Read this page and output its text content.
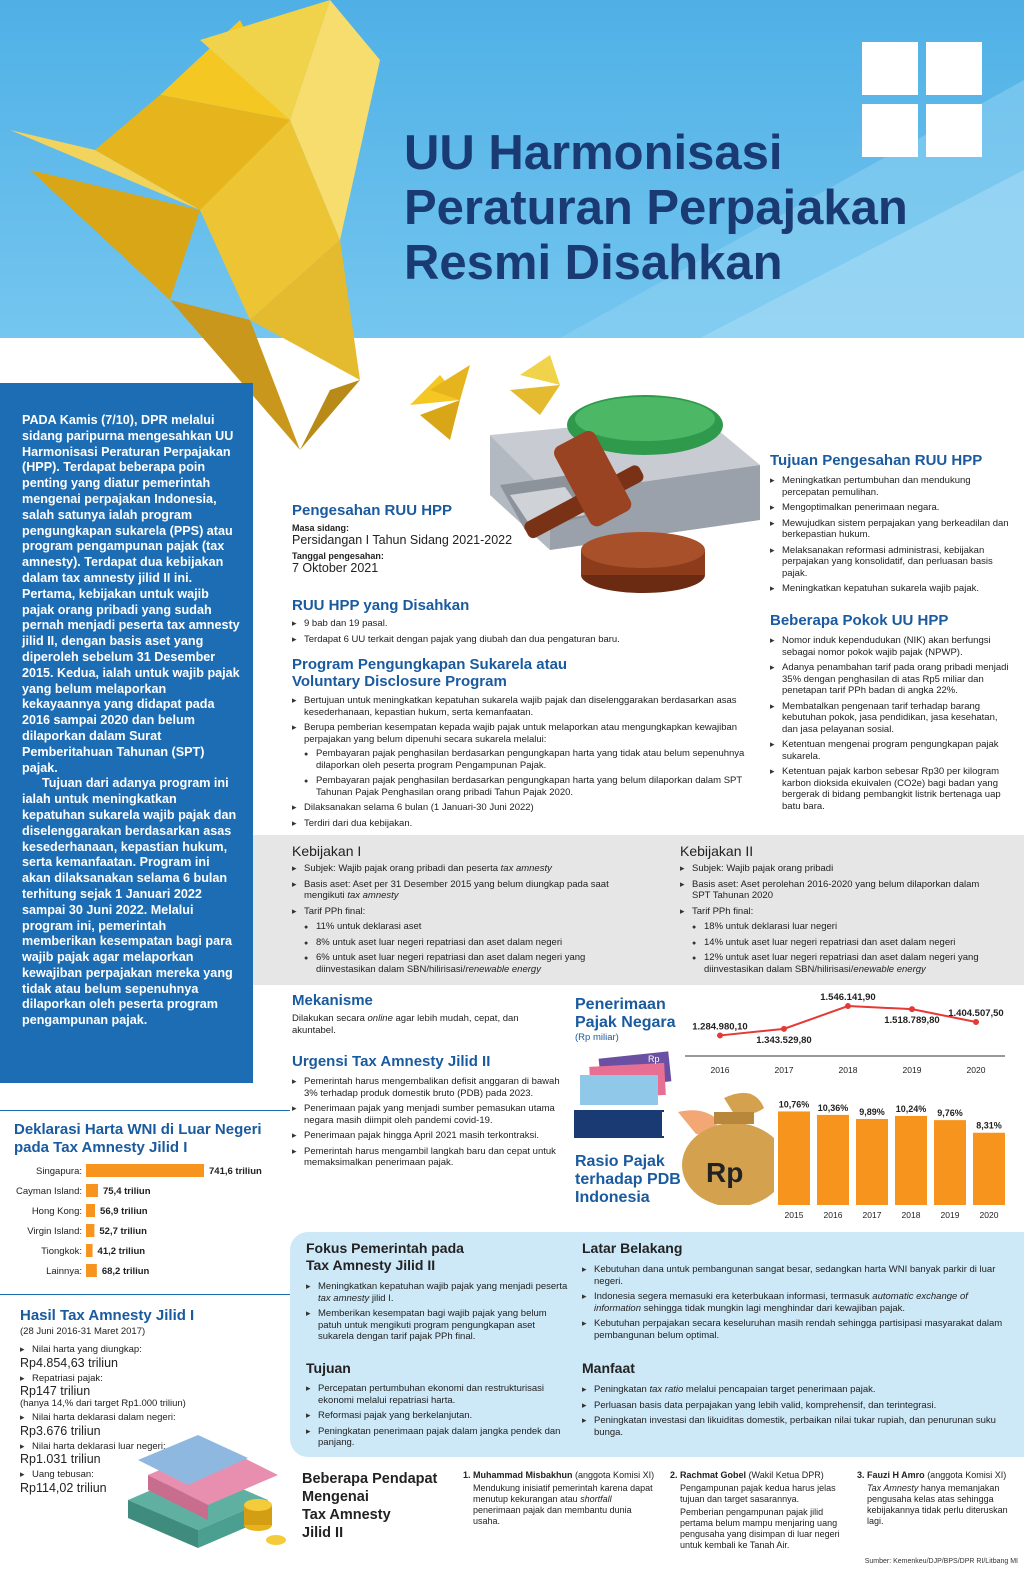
UU Harmonisasi
Peraturan Perpajakan
Resmi Disahkan

PADA Kamis (7/10), DPR melalui sidang paripurna mengesahkan UU Harmonisasi Peraturan Perpajakan (HPP). Terdapat beberapa poin penting yang diatur pemerintah mengenai perpajakan Indonesia, salah satunya ialah program pengungkapan sukarela (PPS) atau program pengampunan pajak (tax amnesty). Terdapat dua kebijakan dalam tax amnesty jilid II ini. Pertama, kebijakan untuk wajib pajak orang pribadi yang sudah pernah menjadi peserta tax amnesty jilid II, dengan basis aset yang diperoleh sebelum 31 Desember 2015. Kedua, ialah untuk wajib pajak yang belum melaporkan kekayaannya yang didapat pada 2016 sampai 2020 dan belum dilaporkan dalam Surat Pemberitahuan Tahunan (SPT) pajak.

Tujuan dari adanya program ini ialah untuk meningkatkan kepatuhan sukarela wajib pajak dan diselenggarakan berdasarkan asas kesederhanaan, kepastian hukum, serta kemanfaatan. Program ini akan dilaksanakan selama 6 bulan terhitung sejak 1 Januari 2022 sampai 30 Juni 2022. Melalui program ini, pemerintah memberikan kesempatan bagi para wajib pajak agar melaporkan kewajiban perpajakan mereka yang tidak atau belum sepenuhnya dilaporkan oleh peserta program pengampunan pajak.

Pengesahan RUU HPP
Masa sidang:
Persidangan I Tahun Sidang 2021-2022
Tanggal pengesahan:
7 Oktober 2021
RUU HPP yang Disahkan
▸ 9 bab dan 19 pasal.
▸ Terdapat 6 UU terkait dengan pajak yang diubah dan dua pengaturan baru.
Program Pengungkapan Sukarela atau
Voluntary Disclosure Program
▸ Bertujuan untuk meningkatkan kepatuhan sukarela wajib pajak dan diselenggarakan berdasarkan asas kesederhanaan, kepastian hukum, serta kemanfaatan.
▸ Berupa pemberian kesempatan kepada wajib pajak untuk melaporkan atau mengungkapkan kewajiban perpajakan yang belum dipenuhi secara sukarela melalui:
● Pembayaran pajak penghasilan berdasarkan pengungkapan harta yang tidak atau belum sepenuhnya dilaporkan oleh peserta program Pengampunan Pajak.
● Pembayaran pajak penghasilan berdasarkan pengungkapan harta yang belum dilaporkan dalam SPT Tahunan Pajak Penghasilan orang pribadi Tahun Pajak 2020.
▸ Dilaksanakan selama 6 bulan (1 Januari-30 Juni 2022)
▸ Terdiri dari dua kebijakan.
Tujuan Pengesahan RUU HPP
▸ Meningkatkan pertumbuhan dan mendukung percepatan pemulihan.
▸ Mengoptimalkan penerimaan negara.
▸ Mewujudkan sistem perpajakan yang berkeadilan dan berkepastian hukum.
▸ Melaksanakan reformasi administrasi, kebijakan perpajakan yang konsolidatif, dan perluasan basis pajak.
▸ Meningkatkan kepatuhan sukarela wajib pajak.
Beberapa Pokok UU HPP
▸ Nomor induk kependudukan (NIK) akan berfungsi sebagai nomor pokok wajib pajak (NPWP).
▸ Adanya penambahan tarif pada orang pribadi menjadi 35% dengan penghasilan di atas Rp5 miliar dan penetapan tarif PPh badan di angka 22%.
▸ Membatalkan pengenaan tarif terhadap barang kebutuhan pokok, jasa pendidikan, jasa kesehatan, dan jasa pelayanan sosial.
▸ Ketentuan mengenai program pengungkapan pajak sukarela.
▸ Ketentuan pajak karbon sebesar Rp30 per kilogram karbon dioksida ekuivalen (CO2e) bagi badan yang bergerak di bidang pembangkit listrik bertenaga uap batu bara.
Kebijakan I
▸ Subjek: Wajib pajak orang pribadi dan peserta tax amnesty
▸ Basis aset: Aset per 31 Desember 2015 yang belum diungkap pada saat mengikuti tax amnesty
▸ Tarif PPh final:
● 11% untuk deklarasi aset
● 8% untuk aset luar negeri repatriasi dan aset dalam negeri
● 6% untuk aset luar negeri repatriasi dan aset dalam negeri yang diinvestasikan dalam SBN/hilirisasi/renewable energy
Kebijakan II
▸ Subjek: Wajib pajak orang pribadi
▸ Basis aset: Aset perolehan 2016-2020 yang belum dilaporkan dalam SPT Tahunan 2020
▸ Tarif PPh final:
● 18% untuk deklarasi luar negeri
● 14% untuk aset luar negeri repatriasi dan aset dalam negeri
● 12% untuk aset luar negeri repatriasi dan aset dalam negeri yang diinvestasikan dalam SBN/hilirisasi/enewable energy
Mekanisme
Dilakukan secara online agar lebih mudah, cepat, dan akuntabel.
Urgensi Tax Amnesty Jilid II
▸ Pemerintah harus mengembalikan defisit anggaran di bawah 3% terhadap produk domestik bruto (PDB) pada 2023.
▸ Penerimaan pajak yang menjadi sumber pemasukan utama negara masih diimpit oleh pandemi covid-19.
▸ Penerimaan pajak hingga April 2021 masih terkontraksi.
▸ Pemerintah harus mengambil langkah baru dan cepat untuk memaksimalkan penerimaan pajak.
Penerimaan
Pajak Negara
(Rp miliar)
1.284.980,10
2016
1.343.529,80
2017
1.546.141,90
2018
1.518.789,80
2019
1.404.507,50
2020
Rp
Rp
Rasio Pajak
terhadap PDB
Indonesia
10,76%
2015
10,36%
2016
9,89%
2017
10,24%
2018
9,76%
2019
8,31%
2020
Deklarasi Harta WNI di Luar Negeri
pada Tax Amnesty Jilid I
Singapura:	741,6 triliun
Cayman Island: 75,4 triliun
Hong Kong: 56,9 triliun
Virgin Island: 52,7 triliun
Tiongkok: 41,2 triliun
Lainnya: 68,2 triliun
Hasil Tax Amnesty Jilid I
(28 Juni 2016-31 Maret 2017)
▸ Nilai harta yang diungkap:
Rp4.854,63 triliun
▸ Repatriasi pajak:
Rp147 triliun
(hanya 14,% dari target Rp1.000 triliun)
▸ Nilai harta deklarasi dalam negeri:
Rp3.676 triliun
▸ Nilai harta deklarasi luar negeri:
Rp1.031 triliun
▸ Uang tebusan:
Rp114,02 triliun
Fokus Pemerintah pada
Tax Amnesty Jilid II
▸ Meningkatkan kepatuhan wajib pajak yang menjadi peserta tax amnesty jilid I.
▸ Memberikan kesempatan bagi wajib pajak yang belum patuh untuk mengikuti program pengungkapan aset sukarela dengan tarif pajak PPh final.
Tujuan
▸ Percepatan pertumbuhan ekonomi dan restrukturisasi ekonomi melalui repatriasi harta.
▸ Reformasi pajak yang berkelanjutan.
▸ Peningkatan penerimaan pajak dalam jangka pendek dan panjang.
Latar Belakang
▸ Kebutuhan dana untuk pembangunan sangat besar, sedangkan harta WNI banyak parkir di luar negeri.
▸ Indonesia segera memasuki era keterbukaan informasi, termasuk automatic exchange of information sehingga tidak mungkin lagi menghindar dari kewajiban pajak.
▸ Kebutuhan perpajakan secara keseluruhan masih rendah sehingga partisipasi masyarakat dalam pembangunan belum optimal.
Manfaat
▸ Peningkatan tax ratio melalui pencapaian target penerimaan pajak.
▸ Perluasan basis data perpajakan yang lebih valid, komprehensif, dan terintegrasi.
▸ Peningkatan investasi dan likuiditas domestik, perbaikan nilai tukar rupiah, dan penurunan suku bunga.
Beberapa Pendapat
Mengenai
Tax Amnesty
Jilid II
1. Muhammad Misbakhun (anggota Komisi XI)
Mendukung inisiatif pemerintah karena dapat menutup kekurangan atau shortfall penerimaan pajak dan membantu dunia usaha.
2. Rachmat Gobel (Wakil Ketua DPR)
Pengampunan pajak kedua harus jelas tujuan dan target sasarannya.
Pemberian pengampunan pajak jilid pertama belum mampu menjaring uang pengusaha yang disimpan di luar negeri untuk kembali ke Tanah Air.
3. Fauzi H Amro (anggota Komisi XI)
Tax Amnesty hanya memanjakan pengusaha kelas atas sehingga kebijakannya tidak perlu diteruskan lagi.
Sumber: Kemenkeu/DJP/BPS/DPR RI/Litbang MI
